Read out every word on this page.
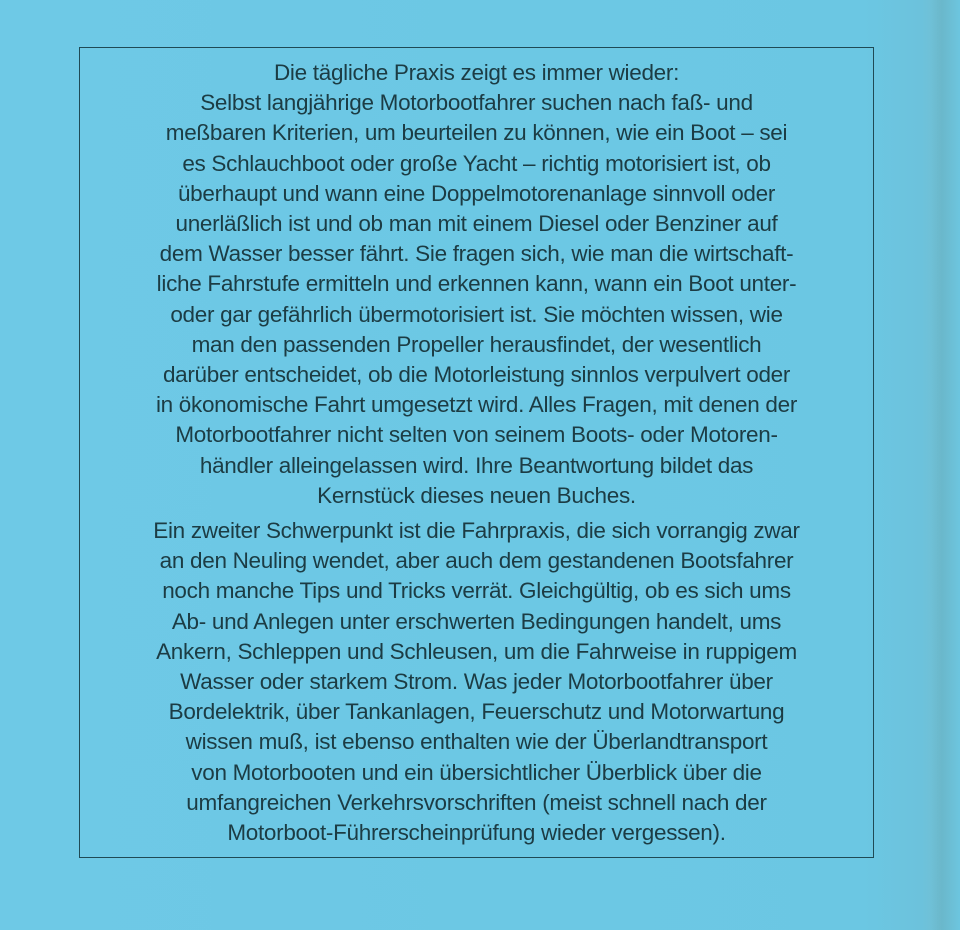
Die tägliche Praxis zeigt es immer wieder:
Selbst langjährige Motorbootfahrer suchen nach faß- und
meßbaren Kriterien, um beurteilen zu können, wie ein Boot – sei
es Schlauchboot oder große Yacht – richtig motorisiert ist, ob
überhaupt und wann eine Doppelmotorenanlage sinnvoll oder
unerläßlich ist und ob man mit einem Diesel oder Benziner auf
dem Wasser besser fährt. Sie fragen sich, wie man die wirtschaft-
liche Fahrstufe ermitteln und erkennen kann, wann ein Boot unter-
oder gar gefährlich übermotorisiert ist. Sie möchten wissen, wie
man den passenden Propeller herausfindet, der wesentlich
darüber entscheidet, ob die Motorleistung sinnlos verpulvert oder
in ökonomische Fahrt umgesetzt wird. Alles Fragen, mit denen der
Motorbootfahrer nicht selten von seinem Boots- oder Motoren-
händler alleingelassen wird. Ihre Beantwortung bildet das
Kernstück dieses neuen Buches.

Ein zweiter Schwerpunkt ist die Fahrpraxis, die sich vorrangig zwar
an den Neuling wendet, aber auch dem gestandenen Bootsfahrer
noch manche Tips und Tricks verrät. Gleichgültig, ob es sich ums
Ab- und Anlegen unter erschwerten Bedingungen handelt, ums
Ankern, Schleppen und Schleusen, um die Fahrweise in ruppigem
Wasser oder starkem Strom. Was jeder Motorbootfahrer über
Bordelektrik, über Tankanlagen, Feuerschutz und Motorwartung
wissen muß, ist ebenso enthalten wie der Überlandtransport
von Motorbooten und ein übersichtlicher Überblick über die
umfangreichen Verkehrsvorschriften (meist schnell nach der
Motorboot-Führerscheinprüfung wieder vergessen).
